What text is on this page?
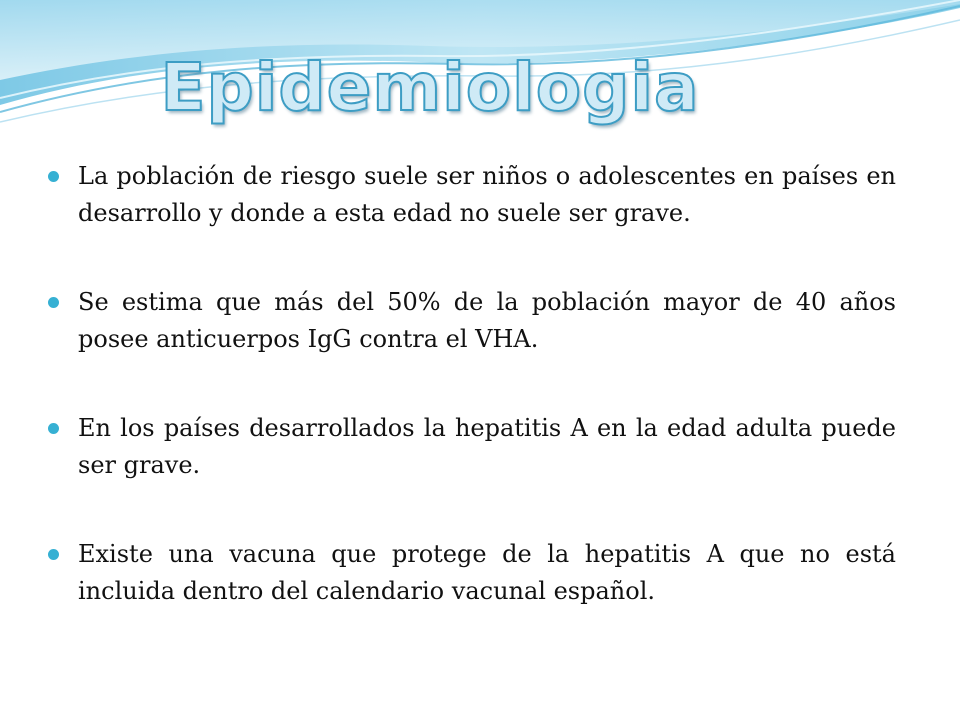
Epidemiologia
La población de riesgo suele ser niños o adolescentes en países en desarrollo y donde a esta edad no suele ser grave.
Se estima que más del 50% de la población mayor de 40 años posee anticuerpos IgG contra el VHA.
En los países desarrollados la hepatitis A en la edad adulta puede ser grave.
Existe una vacuna que protege de la hepatitis A que no está incluida dentro del calendario vacunal español.
